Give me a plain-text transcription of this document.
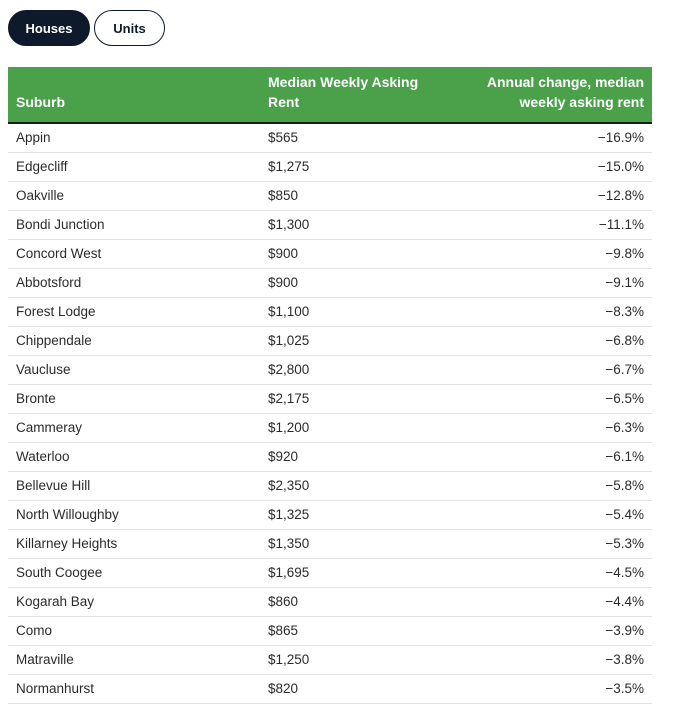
Houses	Units
Suburb	Median Weekly Asking Rent	Annual change, median weekly asking rent
Appin	$565	−16.9%
Edgecliff	$1,275	−15.0%
Oakville	$850	−12.8%
Bondi Junction	$1,300	−11.1%
Concord West	$900	−9.8%
Abbotsford	$900	−9.1%
Forest Lodge	$1,100	−8.3%
Chippendale	$1,025	−6.8%
Vaucluse	$2,800	−6.7%
Bronte	$2,175	−6.5%
Cammeray	$1,200	−6.3%
Waterloo	$920	−6.1%
Bellevue Hill	$2,350	−5.8%
North Willoughby	$1,325	−5.4%
Killarney Heights	$1,350	−5.3%
South Coogee	$1,695	−4.5%
Kogarah Bay	$860	−4.4%
Como	$865	−3.9%
Matraville	$1,250	−3.8%
Normanhurst	$820	−3.5%
